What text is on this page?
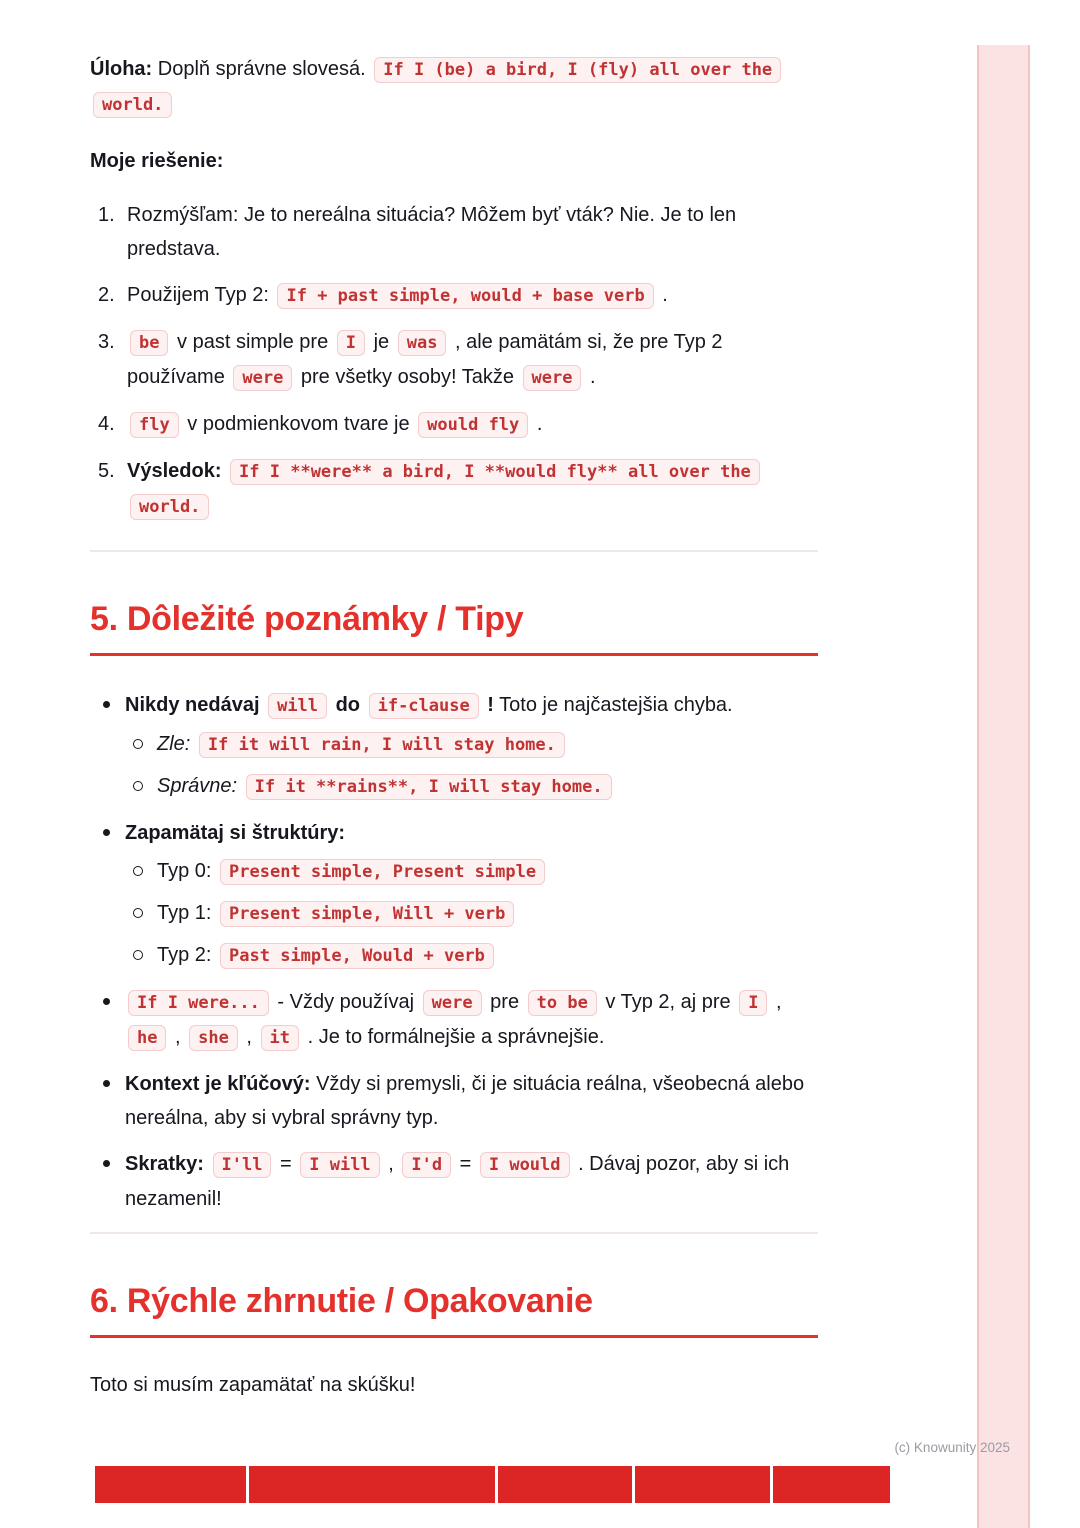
Úloha: Doplň správne slovesá. If I (be) a bird, I (fly) all over the world.

Moje riešenie:

Rozmýšľam: Je to nereálna situácia? Môžem byť vták? Nie. Je to len predstava.
Použijem Typ 2: If + past simple, would + base verb .
be v past simple pre I je was , ale pamätám si, že pre Typ 2 používame were pre všetky osoby! Takže were .
fly v podmienkovom tvare je would fly .
Výsledok: If I **were** a bird, I **would fly** all over the world.
5. Dôležité poznámky / Tipy
Nikdy nedávaj will do if-clause ! Toto je najčastejšia chyba.
Zle: If it will rain, I will stay home.
Správne: If it **rains**, I will stay home.
Zapamätaj si štruktúry:
Typ 0: Present simple, Present simple
Typ 1: Present simple, Will + verb
Typ 2: Past simple, Would + verb
If I were... - Vždy používaj were pre to be v Typ 2, aj pre I , he , she , it . Je to formálnejšie a správnejšie.
Kontext je kľúčový: Vždy si premysli, či je situácia reálna, všeobecná alebo nereálna, aby si vybral správny typ.
Skratky: I'll = I will , I'd = I would . Dávaj pozor, aby si ich nezamenil!
6. Rýchle zhrnutie / Opakovanie

Toto si musím zapamätať na skúšku!

(c) Knowunity 2025
